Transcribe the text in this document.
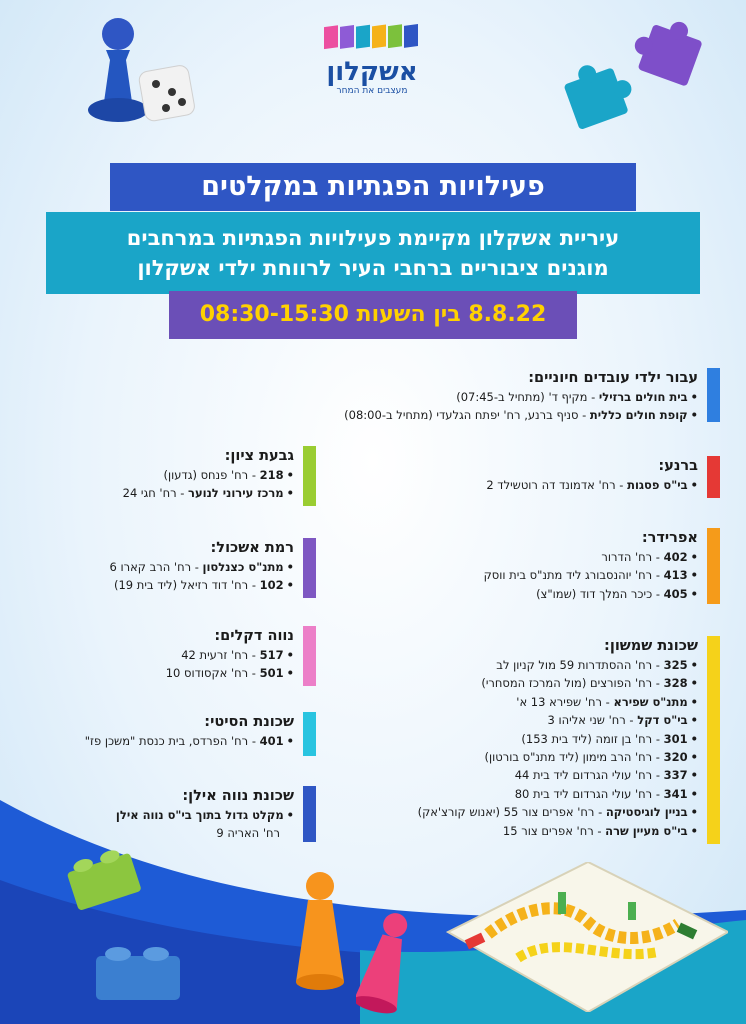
אשקלון
מעצבים את המחר
פעילויות הפגתיות במקלטים
עיריית אשקלון מקיימת פעילויות הפגתיות במרחבים
מוגנים ציבוריים ברחבי העיר לרווחת ילדי אשקלון
8.8.22 בין השעות 08:30-15:30
עבור ילדי עובדים חיוניים:
•בית חולים ברזילי - מקיף ד' (מתחיל ב-07:45)
•קופת חולים כללית - סניף ברנע, רח' יפתח הגלעדי (מתחיל ב-08:00)
ברנע:
•בי"ס פסגות - רח' אדמונד דה רוטשילד 2
אפרידר:
•402 - רח' הדרור
•413 - רח' יוהנסבורג ליד מתנ"ס בית ווסק
•405 - כיכר המלך דוד (שמו"צ)
שכונת שמשון:
•325 - רח' ההסתדרות 59 מול קניון לב
•328 - רח' הפורצים (מול המרכז המסחרי)
•מתנ"ס שפירא - רח' שפירא 13 א'
•בי"ס דקל - רח' שני אליהו 3
•301 - רח' בן זומה (ליד בית 153)
•320 - רח' הרב מימון (ליד מתנ"ס בורטון)
•337 - רח' עולי הגרדום ליד בית 44
•341 - רח' עולי הגרדום ליד בית 80
•בניין לוגיסטיקה - רח' אפרים צור 55 (יאנוש קורצ'אק)
•בי"ס מעיין שרה - רח' אפרים צור 15
גבעת ציון:
•218 - רח' פנחס (גדעון)
•מרכז עירוני לנוער - רח' חגי 24
רמת אשכול:
•מתנ"ס כצנלסון - רח' הרב קארו 6
•102 - רח' דוד רזיאל (ליד בית 19)
נווה דקלים:
•517 - רח' זרעית 42
•501 - רח' אקסודוס 10
שכונת הסיטי:
•401 - רח' הפרדס, בית כנסת "משכן פז"
שכונת נווה אילן:
•מקלט גדול בתוך בי"ס נווה אילן
רח' האריה 9
